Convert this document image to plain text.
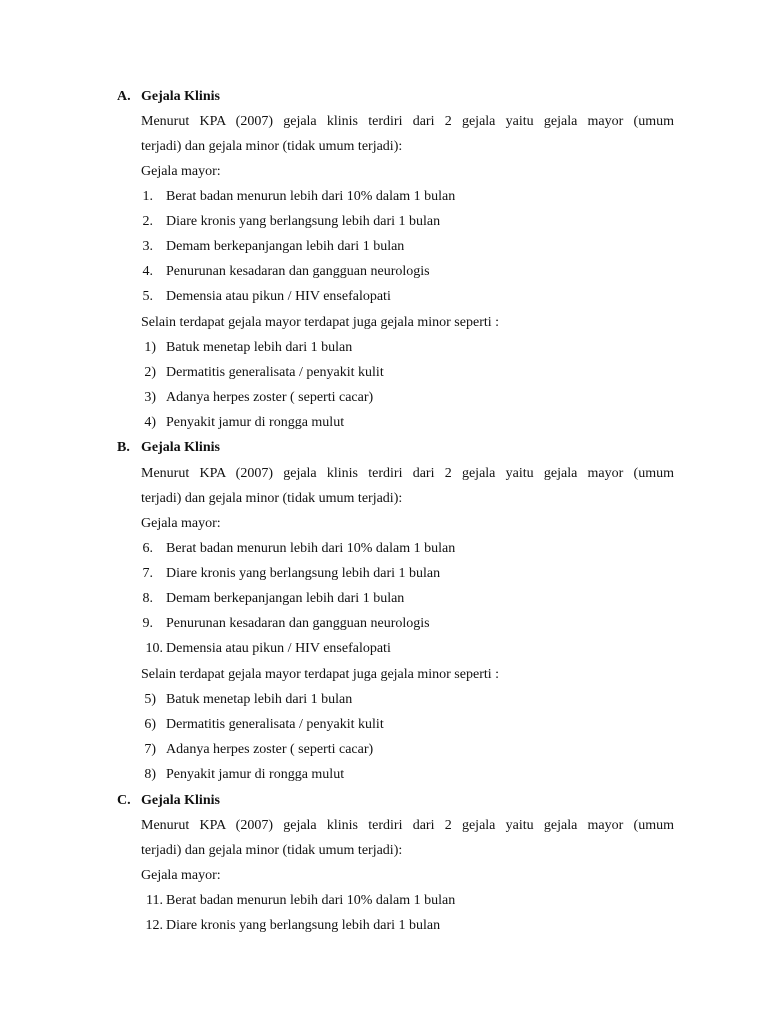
A. Gejala Klinis
Menurut KPA (2007) gejala klinis terdiri dari 2 gejala yaitu gejala mayor (umum
terjadi) dan gejala minor (tidak umum terjadi):
Gejala mayor:
1. Berat badan menurun lebih dari 10% dalam 1 bulan
2. Diare kronis yang berlangsung lebih dari 1 bulan
3. Demam berkepanjangan lebih dari 1 bulan
4. Penurunan kesadaran dan gangguan neurologis
5. Demensia atau pikun / HIV ensefalopati
Selain terdapat gejala mayor terdapat juga gejala minor seperti :
1) Batuk menetap lebih dari 1 bulan
2) Dermatitis generalisata / penyakit kulit
3) Adanya herpes zoster ( seperti cacar)
4) Penyakit jamur di rongga mulut
B. Gejala Klinis
Menurut KPA (2007) gejala klinis terdiri dari 2 gejala yaitu gejala mayor (umum
terjadi) dan gejala minor (tidak umum terjadi):
Gejala mayor:
6. Berat badan menurun lebih dari 10% dalam 1 bulan
7. Diare kronis yang berlangsung lebih dari 1 bulan
8. Demam berkepanjangan lebih dari 1 bulan
9. Penurunan kesadaran dan gangguan neurologis
10. Demensia atau pikun / HIV ensefalopati
Selain terdapat gejala mayor terdapat juga gejala minor seperti :
5) Batuk menetap lebih dari 1 bulan
6) Dermatitis generalisata / penyakit kulit
7) Adanya herpes zoster ( seperti cacar)
8) Penyakit jamur di rongga mulut
C. Gejala Klinis
Menurut KPA (2007) gejala klinis terdiri dari 2 gejala yaitu gejala mayor (umum
terjadi) dan gejala minor (tidak umum terjadi):
Gejala mayor:
11. Berat badan menurun lebih dari 10% dalam 1 bulan
12. Diare kronis yang berlangsung lebih dari 1 bulan
